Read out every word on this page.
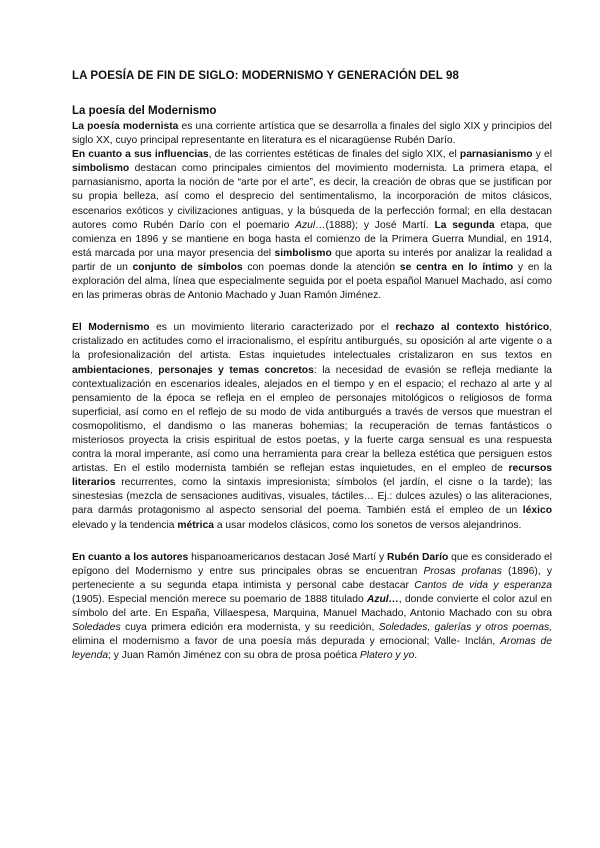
LA POESÍA DE FIN DE SIGLO: MODERNISMO Y GENERACIÓN DEL 98
La poesía del Modernismo

La poesía modernista es una corriente artística que se desarrolla a finales del siglo XIX y principios del siglo XX, cuyo principal representante en literatura es el nicaragüense Rubén Darío.

En cuanto a sus influencias, de las corrientes estéticas de finales del siglo XIX, el parnasianismo y el simbolismo destacan como principales cimientos del movimiento modernista. La primera etapa, el parnasianismo, aporta la noción de “arte por el arte”, es decir, la creación de obras que se justifican por su propia belleza, así como el desprecio del sentimentalismo, la incorporación de mitos clásicos, escenarios exóticos y civilizaciones antiguas, y la búsqueda de la perfección formal; en ella destacan autores como Rubén Darío con el poemario Azul…(1888); y José Martí. La segunda etapa, que comienza en 1896 y se mantiene en boga hasta el comienzo de la Primera Guerra Mundial, en 1914, está marcada por una mayor presencia del simbolismo que aporta su interés por analizar la realidad a partir de un conjunto de símbolos con poemas donde la atención se centra en lo íntimo y en la exploración del alma, línea que especialmente seguida por el poeta español Manuel Machado, así como en las primeras obras de Antonio Machado y Juan Ramón Jiménez.

El Modernismo es un movimiento literario caracterizado por el rechazo al contexto histórico, cristalizado en actitudes como el irracionalismo, el espíritu antiburgués, su oposición al arte vigente o a la profesionalización del artista. Estas inquietudes intelectuales cristalizaron en sus textos en ambientaciones, personajes y temas concretos: la necesidad de evasión se refleja mediante la contextualización en escenarios ideales, alejados en el tiempo y en el espacio; el rechazo al arte y al pensamiento de la época se refleja en el empleo de personajes mitológicos o religiosos de forma superficial, así como en el reflejo de su modo de vida antiburgués a través de versos que muestran el cosmopolitismo, el dandismo o las maneras bohemias; la recuperación de temas fantásticos o misteriosos proyecta la crisis espiritual de estos poetas, y la fuerte carga sensual es una respuesta contra la moral imperante, así como una herramienta para crear la belleza estética que persiguen estos artistas. En el estilo modernista también se reflejan estas inquietudes, en el empleo de recursos literarios recurrentes, como la sintaxis impresionista; símbolos (el jardín, el cisne o la tarde); las sinestesias (mezcla de sensaciones auditivas, visuales, táctiles… Ej.: dulces azules) o las aliteraciones, para darmás protagonismo al aspecto sensorial del poema. También está el empleo de un léxico elevado y la tendencia métrica a usar modelos clásicos, como los sonetos de versos alejandrinos.

En cuanto a los autores hispanoamericanos destacan José Martí y Rubén Darío que es considerado el epígono del Modernismo y entre sus principales obras se encuentran Prosas profanas (1896), y perteneciente a su segunda etapa intimista y personal cabe destacar Cantos de vida y esperanza (1905). Especial mención merece su poemario de 1888 titulado Azul…, donde convierte el color azul en símbolo del arte. En España, Villaespesa, Marquina, Manuel Machado, Antonio Machado con su obra Soledades cuya primera edición era modernista, y su reedición, Soledades, galerías y otros poemas, elimina el modernismo a favor de una poesía más depurada y emocional; Valle- Inclán, Aromas de leyenda; y Juan Ramón Jiménez con su obra de prosa poética Platero y yo.
